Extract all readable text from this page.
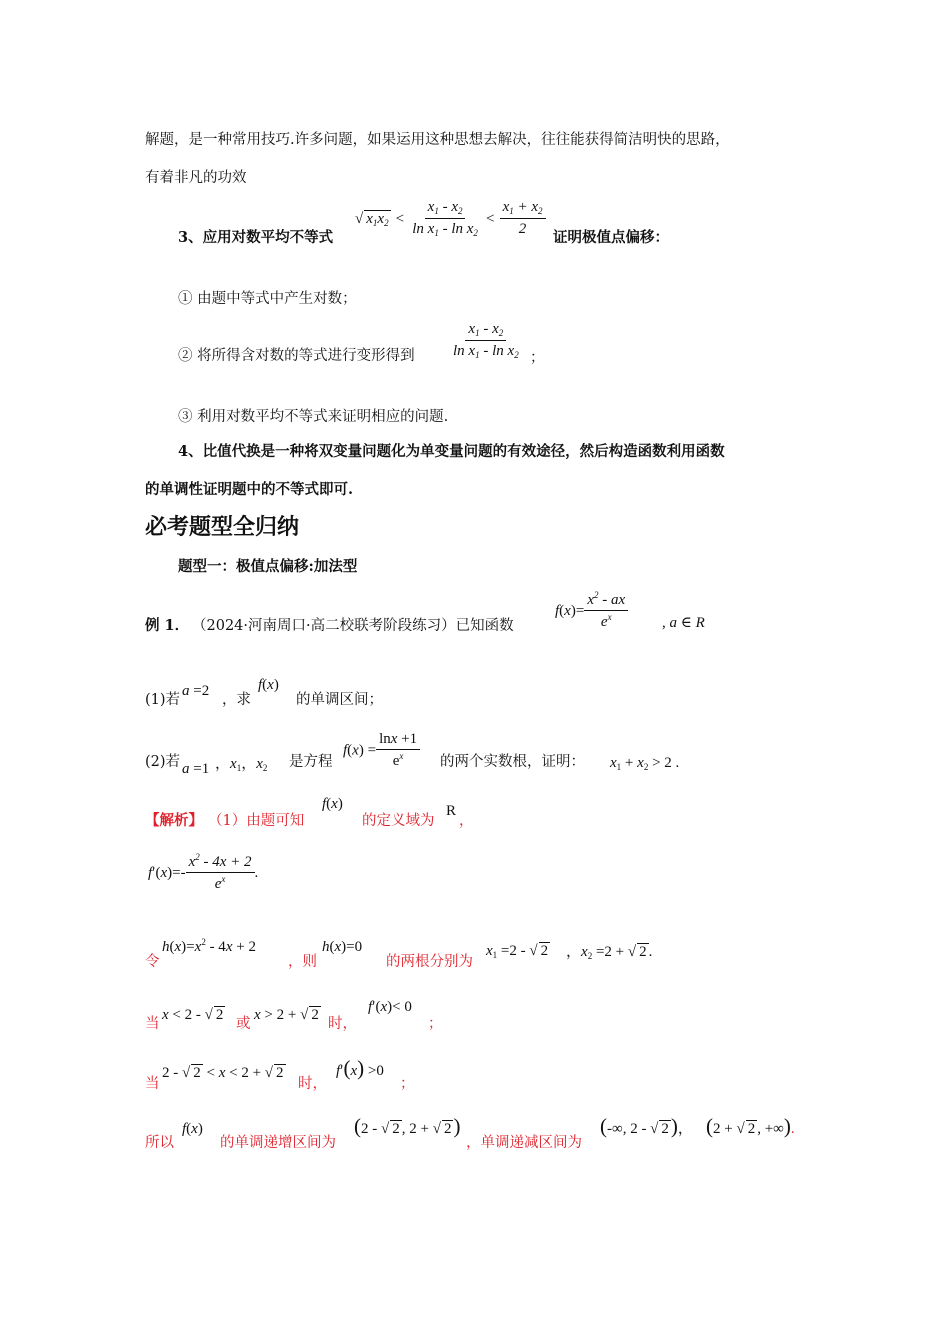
解题，是一种常用技巧.许多问题，如果运用这种思想去解决，往往能获得简洁明快的思路，
有着非凡的功效
3、应用对数平均不等式
√ $x_1x_2 < \frac{x_1 - x_2}{\ln x_1 - \ln x_2} < \frac{x_1 + x_2}{2}$ 证明极值点偏移：
① 由题中等式中产生对数；
② 将所得含对数的等式进行变形得到 $\frac{x_1 - x_2}{\ln x_1 - \ln x_2}$ ；
③ 利用对数平均不等式来证明相应的问题.
4、比值代换是一种将双变量问题化为单变量问题的有效途径，然后构造函数利用函数
的单调性证明题中的不等式即可.
必考题型全归纳
题型一：极值点偏移:加法型
例 1． （2024·河南周口·高二校联考阶段练习）已知函数
$f(x)= \frac{x^2 - ax}{e^x}$ , a ∈ R
(1)若
a =2
，求
f(x)
的单调区间；
(2)若 a =1 ，$x_1$，$x_2$ 是方程
$f(x) = \frac{\ln x +1}{e^x}$ 的两个实数根，证明： $x_1 + x_2 > 2$ .
【解析】 （1）由题可知
f(x)
的定义域为
R
，
$f'(x)=- \frac{x^2 - 4x + 2}{e^x}$ .
令
$h(x)=x^2 - 4x + 2$
，则
h(x)=0
的两根分别为
$x_1 =2$ - √ 2 ，$x_2 =2$ + √ 2 .
当
x < 2 - √ 2
或
x > 2 + √ 2
时，
f′(x)< 0
；
当
2 - √ 2 < x < 2 + √ 2
时，
f′(x) >0
；
所以
f(x)
的单调递增区间为
(2 - √ 2 , 2 + √ 2)
，单调递减区间为
(-∞, 2 - √ 2)， (2 + √ 2 , +∞).
